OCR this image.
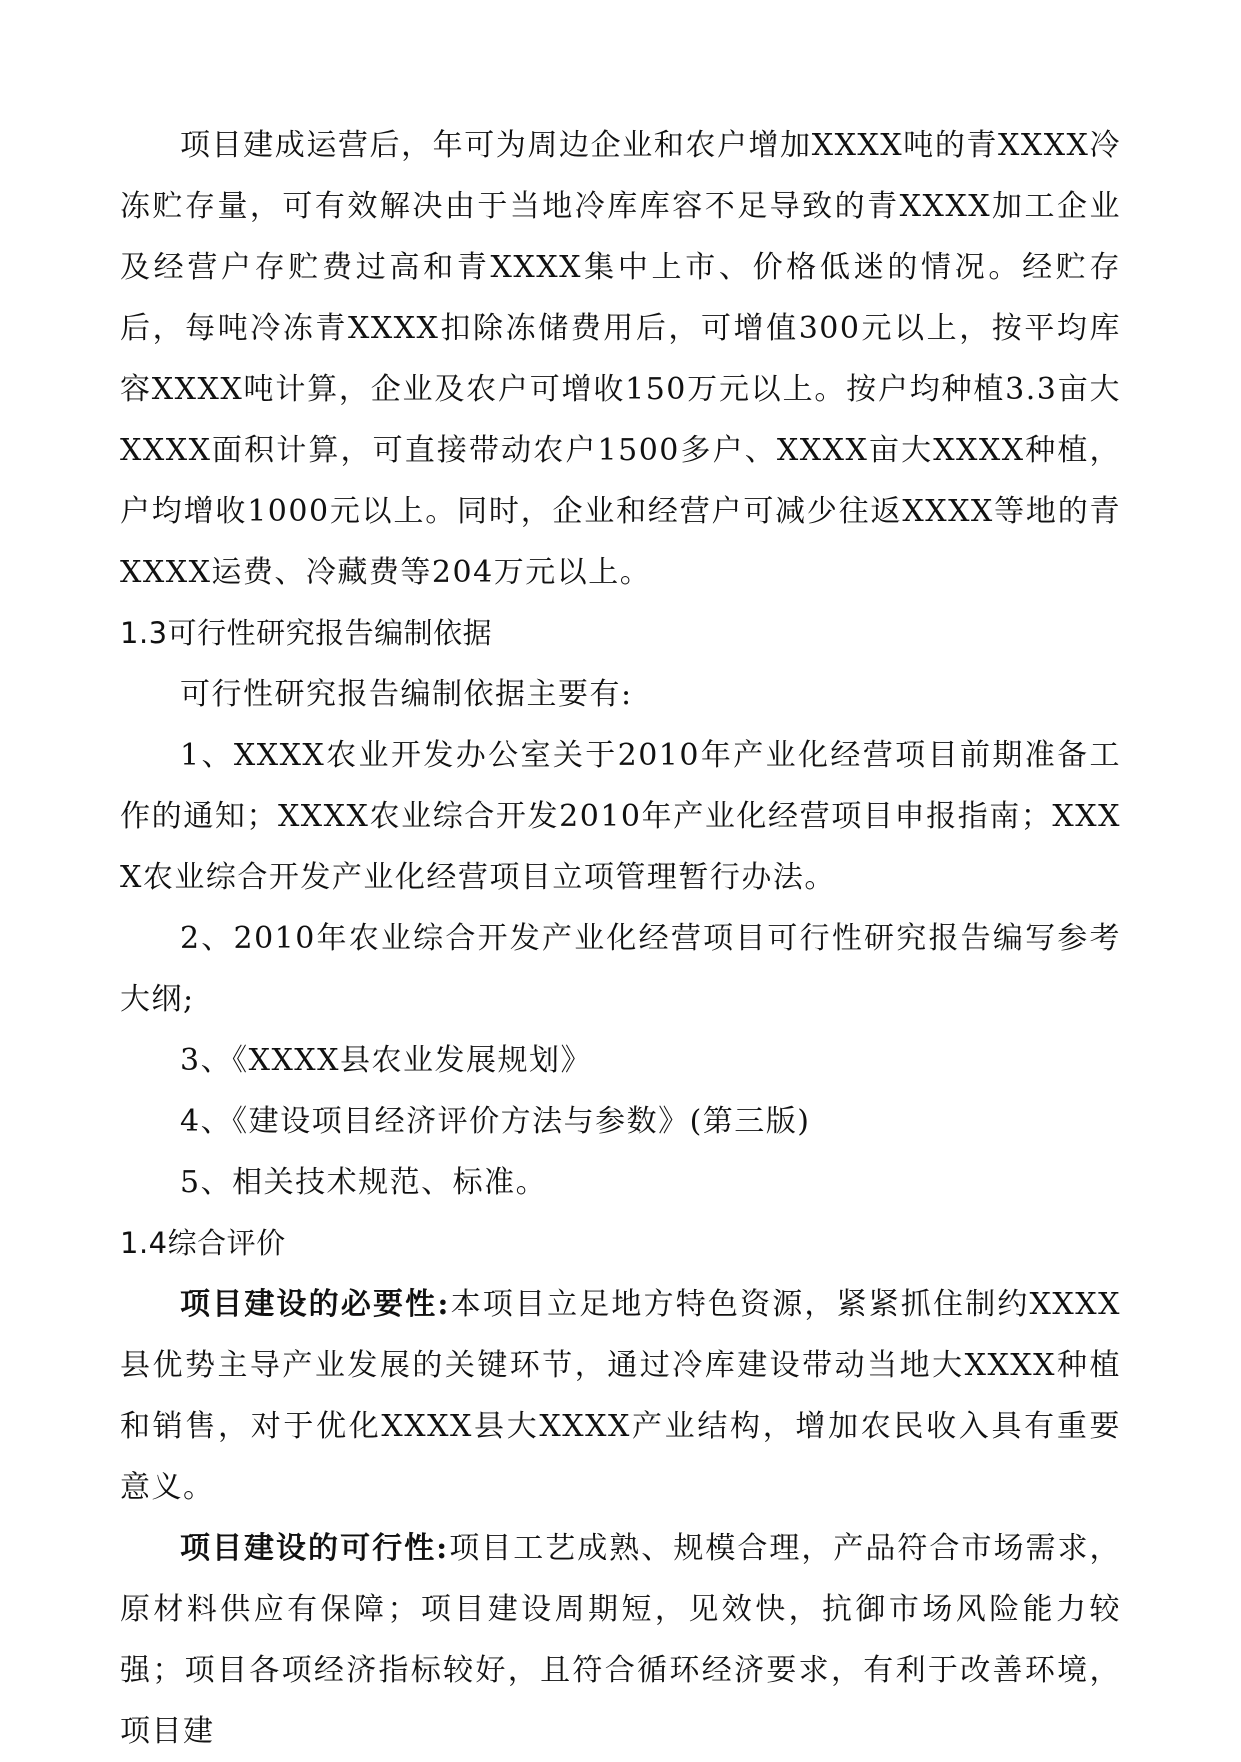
项目建成运营后，年可为周边企业和农户增加XXXX吨的青XXXX冷冻贮存量，可有效解决由于当地冷库库容不足导致的青XXXX加工企业及经营户存贮费过高和青XXXX集中上市、价格低迷的情况。经贮存后，每吨冷冻青XXXX扣除冻储费用后，可增值300元以上，按平均库容XXXX吨计算，企业及农户可增收150万元以上。按户均种植3.3亩大XXXX面积计算，可直接带动农户1500多户、XXXX亩大XXXX种植，户均增收1000元以上。同时，企业和经营户可减少往返XXXX等地的青XXXX运费、冷藏费等204万元以上。

1.3可行性研究报告编制依据

可行性研究报告编制依据主要有:

1、XXXX农业开发办公室关于2010年产业化经营项目前期准备工作的通知；XXXX农业综合开发2010年产业化经营项目申报指南；XXXX农业综合开发产业化经营项目立项管理暂行办法。

2、2010年农业综合开发产业化经营项目可行性研究报告编写参考大纲;

3、《XXXX县农业发展规划》

4、《建设项目经济评价方法与参数》(第三版)

5、相关技术规范、标准。

1.4综合评价

项目建设的必要性:本项目立足地方特色资源，紧紧抓住制约XXXX县优势主导产业发展的关键环节，通过冷库建设带动当地大XXXX种植和销售，对于优化XXXX县大XXXX产业结构，增加农民收入具有重要意义。

项目建设的可行性:项目工艺成熟、规模合理，产品符合市场需求，原材料供应有保障；项目建设周期短，见效快，抗御市场风险能力较强；项目各项经济指标较好，且符合循环经济要求，有利于改善环境，项目建
